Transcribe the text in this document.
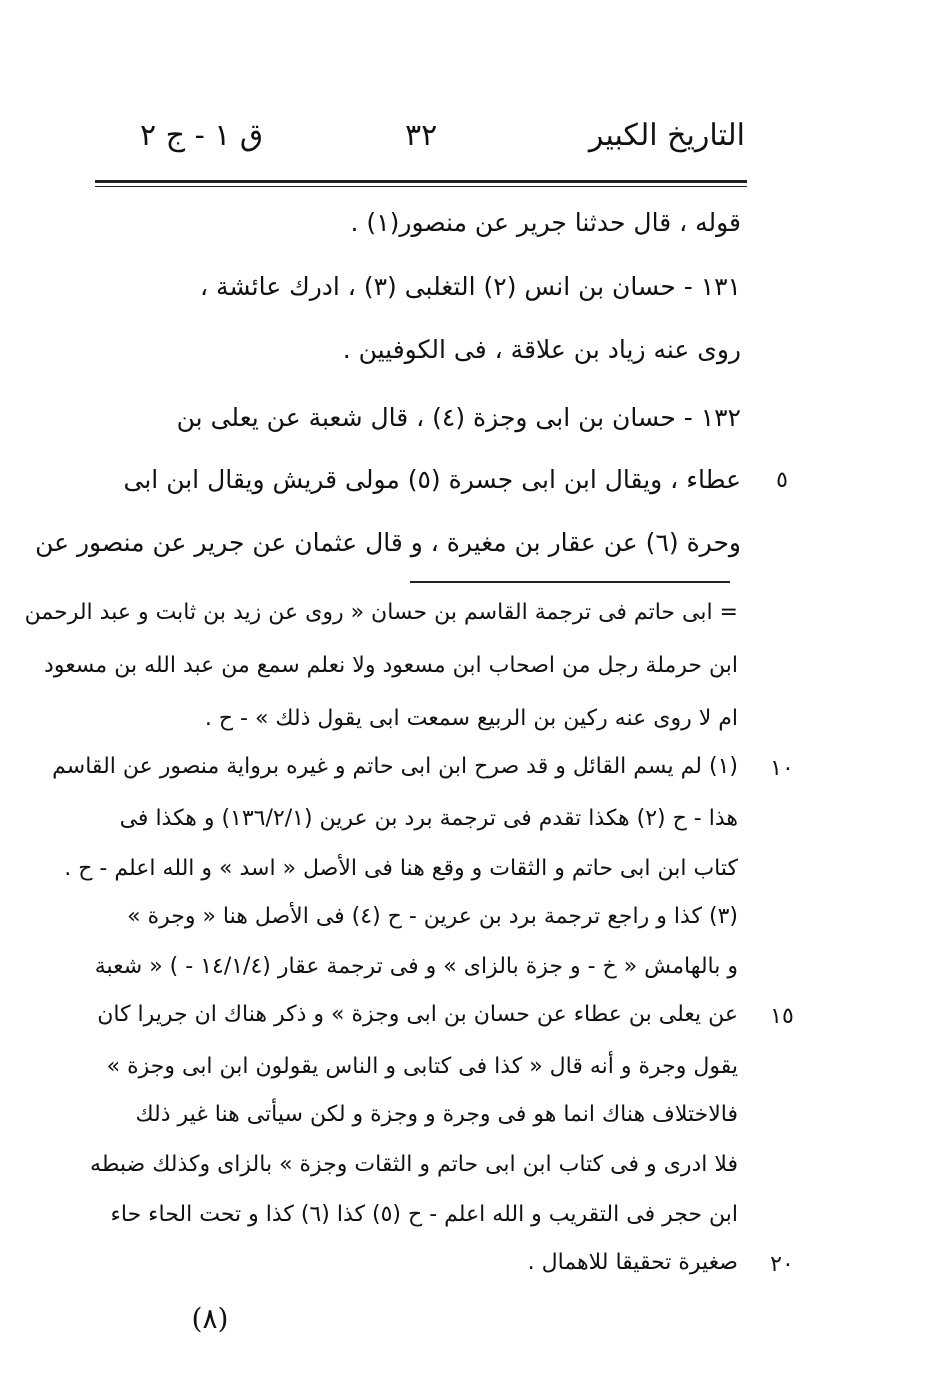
التاريخ الكبير
٣٢
ق ١ - ج ٢
قوله ، قال حدثنا جرير عن منصور(١) .
١٣١ - حسان بن انس (٢) التغلبى (٣) ، ادرك عائشة ،
روى عنه زياد بن علاقة ، فى الكوفيين .
١٣٢ - حسان بن ابى وجزة (٤) ، قال شعبة عن يعلى بن
عطاء ، ويقال ابن ابى جسرة (٥) مولى قريش ويقال ابن ابى	٥
وحرة (٦) عن عقار بن مغيرة ، و قال عثمان عن جرير عن منصور عن
= ابى حاتم فى ترجمة القاسم بن حسان « روى عن زيد بن ثابت و عبد الرحمن
ابن حرملة رجل من اصحاب ابن مسعود ولا نعلم سمع من عبد الله بن مسعود
ام لا روى عنه ركين بن الربيع سمعت ابى يقول ذلك » - ح .
(١) لم يسم القائل و قد صرح ابن ابى حاتم و غيره برواية منصور عن القاسم	١٠
هذا - ح (٢) هكذا تقدم فى ترجمة برد بن عرين (١٣٦/٢/١) و هكذا فى
كتاب ابن ابى حاتم و الثقات و وقع هنا فى الأصل « اسد » و الله اعلم - ح .
(٣) كذا و راجع ترجمة برد بن عرين - ح (٤) فى الأصل هنا « وجرة »
و بالهامش « خ - و جزة بالزاى » و فى ترجمة عقار (١٤/١/٤ - ) « شعبة
عن يعلى بن عطاء عن حسان بن ابى وجزة » و ذكر هناك ان جريرا كان	١٥
يقول وجرة و أنه قال « كذا فى كتابى و الناس يقولون ابن ابى وجزة »
فالاختلاف هناك انما هو فى وجرة و وجزة و لكن سيأتى هنا غير ذلك
فلا ادرى و فى كتاب ابن ابى حاتم و الثقات وجزة » بالزاى وكذلك ضبطه
ابن حجر فى التقريب و الله اعلم - ح (٥) كذا (٦) كذا و تحت الحاء حاء
صغيرة تحقيقا للاهمال .	٢٠
(٨)
